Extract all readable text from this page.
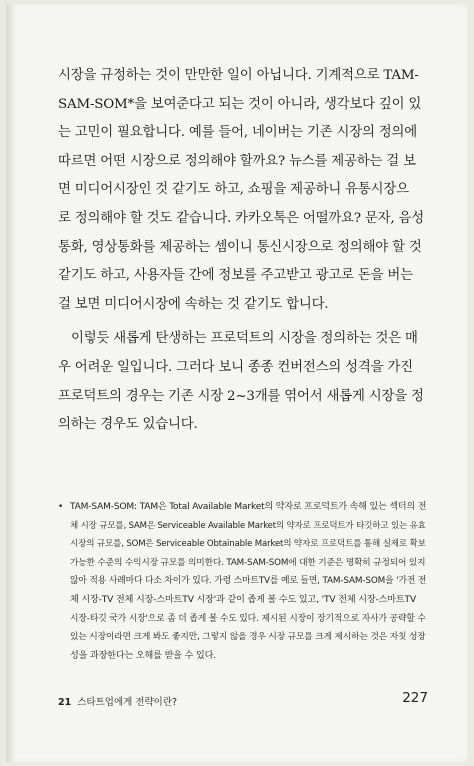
시장을 규정하는 것이 만만한 일이 아닙니다. 기계적으로 TAM-
SAM-SOM*을 보여준다고 되는 것이 아니라, 생각보다 깊이 있
는 고민이 필요합니다. 예를 들어, 네이버는 기존 시장의 정의에
따르면 어떤 시장으로 정의해야 할까요? 뉴스를 제공하는 걸 보
면 미디어시장인 것 같기도 하고, 쇼핑을 제공하니 유통시장으
로 정의해야 할 것도 같습니다. 카카오톡은 어떨까요? 문자, 음성
통화, 영상통화를 제공하는 셈이니 통신시장으로 정의해야 할 것
같기도 하고, 사용자들 간에 정보를 주고받고 광고로 돈을 버는
걸 보면 미디어시장에 속하는 것 같기도 합니다.
이렇듯 새롭게 탄생하는 프로덕트의 시장을 정의하는 것은 매
우 어려운 일입니다. 그러다 보니 종종 컨버전스의 성격을 가진
프로덕트의 경우는 기존 시장 2~3개를 엮어서 새롭게 시장을 정
의하는 경우도 있습니다.
• TAM-SAM-SOM: TAM은 Total Available Market의 약자로 프로덕트가 속해 있는 섹터의 전
체 시장 규모를, SAM은 Serviceable Available Market의 약자로 프로덕트가 타깃하고 있는 유효
시장의 규모를, SOM은 Serviceable Obtainable Market의 약자로 프로덕트를 통해 실제로 확보
가능한 수준의 수익시장 규모를 의미한다. TAM-SAM-SOM에 대한 기준은 명확히 규정되어 있지
않아 적용 사례마다 다소 차이가 있다. 가령 스마트TV를 예로 들면, TAM-SAM-SOM을 '가전 전
체 시장-TV 전체 시장-스마트TV 시장'과 같이 좁게 볼 수도 있고, 'TV 전체 시장-스마트TV
시장-타깃 국가 시장'으로 좀 더 좁게 볼 수도 있다. 제시된 시장이 장기적으로 자사가 공략할 수
있는 시장이라면 크게 봐도 좋지만, 그렇지 않을 경우 시장 규모를 크게 제시하는 것은 자칫 성장
성을 과장한다는 오해를 받을 수 있다.
21 스타트업에게 전략이란?	227
